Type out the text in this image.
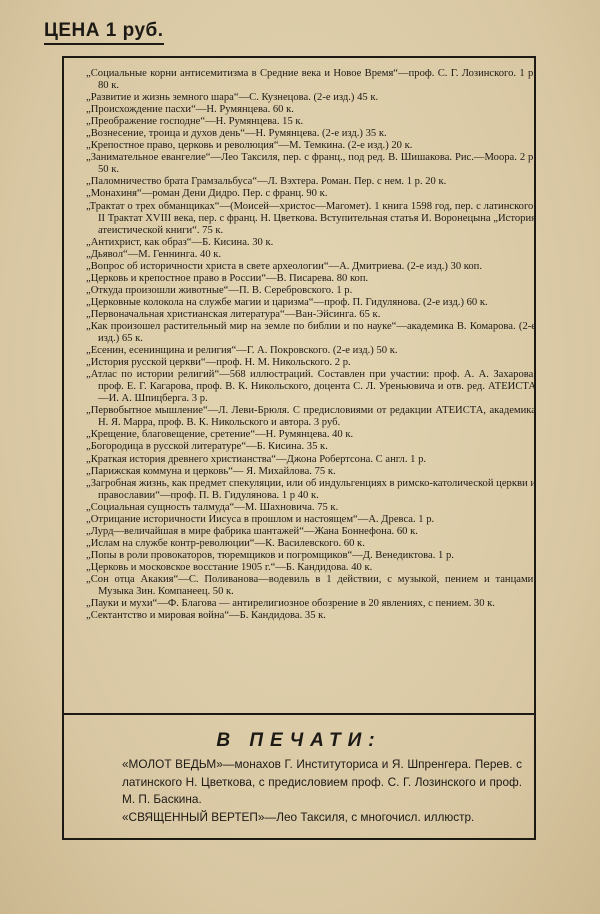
ЦЕНА 1 руб.
„Социальные корни антисемитизма в Средние века и Новое Время“—проф. С. Г. Лозинского. 1 р. 80 к.
„Развитие и жизнь земного шара“—С. Кузнецова. (2-е изд.) 45 к.
„Происхождение пасхи“—Н. Румянцева. 60 к.
„Преображение господне“—Н. Румянцева. 15 к.
„Вознесение, троица и духов день“—Н. Румянцева. (2-е изд.) 35 к.
„Крепостное право, церковь и революция“—М. Темкина. (2-е изд.) 20 к.
„Занимательное евангелие“—Лео Таксиля, пер. с франц., под ред. В. Шишакова. Рис.—Моора. 2 р. 50 к.
„Паломничество брата Грамзальбуса“—Л. Вэхтера. Роман. Пер. с нем. 1 р. 20 к.
„Монахиня“—роман Дени Дидро. Пер. с франц. 90 к.
„Трактат о трех обманщиках“—(Моисей—христос—Магомет). 1 книга 1598 год, пер. с латинского. II Трактат XVIII века, пер. с франц. Н. Цветкова. Вступительная статья И. Воронецына „История атеистической книги“. 75 к.
„Антихрист, как образ“—Б. Кисина. 30 к.
„Дьявол“—М. Геннинга. 40 к.
„Вопрос об историчности христа в свете археологии“—А. Дмитриева. (2-е изд.) 30 коп.
„Церковь и крепостное право в России“—В. Писарева. 80 коп.
„Откуда произошли животные“—П. В. Серебровского. 1 р.
„Церковные колокола на службе магии и царизма“—проф. П. Гидулянова. (2-е изд.) 60 к.
„Первоначальная христианская литература“—Ван-Эйсинга. 65 к.
„Как произошел растительный мир на земле по библии и по науке“—академика В. Комарова. (2-е изд.) 65 к.
„Есенин, есенинщина и религия“—Г. А. Покровского. (2-е изд.) 50 к.
„История русской церкви“—проф. Н. М. Никольского. 2 р.
„Атлас по истории религий“—568 иллюстраций. Составлен при участии: проф. А. А. Захарова, проф. Е. Г. Кагарова, проф. В. К. Никольского, доцента С. Л. Уреньювича и отв. ред. АТЕИСТА—И. А. Шпицберга. 3 р.
„Первобытное мышление“—Л. Леви-Брюля. С предисловиями от редакции АТЕИСТА, академика Н. Я. Марра, проф. В. К. Никольского и автора. 3 руб.
„Крещение, благовещение, сретение“—Н. Румянцева. 40 к.
„Богородица в русской литературе“—Б. Кисина. 35 к.
„Краткая история древнего христианства“—Джона Робертсона. С англ. 1 р.
„Парижская коммуна и церковь“— Я. Михайлова. 75 к.
„Загробная жизнь, как предмет спекуляции, или об индульгенциях в римско-католической церкви и православии“—проф. П. В. Гидулянова. 1 р 40 к.
„Социальная сущность талмуда“—М. Шахновича. 75 к.
„Отрицание историчности Иисуса в прошлом и настоящем“—А. Древса. 1 р.
„Лурд—величайшая в мире фабрика шантажей“—Жана Боннефона. 60 к.
„Ислам на службе контр-революции“—К. Василевского. 60 к.
„Попы в роли провокаторов, тюремщиков и погромщиков“—Д. Венедиктова. 1 р.
„Церковь и московское восстание 1905 г.“—Б. Кандидова. 40 к.
„Сон отца Акакия“—С. Поливанова—водевиль в 1 действии, с музыкой, пением и танцами. Музыка Зин. Компанеец. 50 к.
„Пауки и мухи“—Ф. Благова — антирелигиозное обозрение в 20 явлениях, с пением. 30 к.
„Сектантство и мировая война“—Б. Кандидова. 35 к.
В ПЕЧАТИ:
«МОЛОТ ВЕДЬМ»—монахов Г. Институториса и Я. Шпренгера. Перев. с латинского Н. Цветкова, с предисловием проф. С. Г. Лозинского и проф. М. П. Баскина.
«СВЯЩЕННЫЙ ВЕРТЕП»—Лео Таксиля, с многочисл. иллюстр.
